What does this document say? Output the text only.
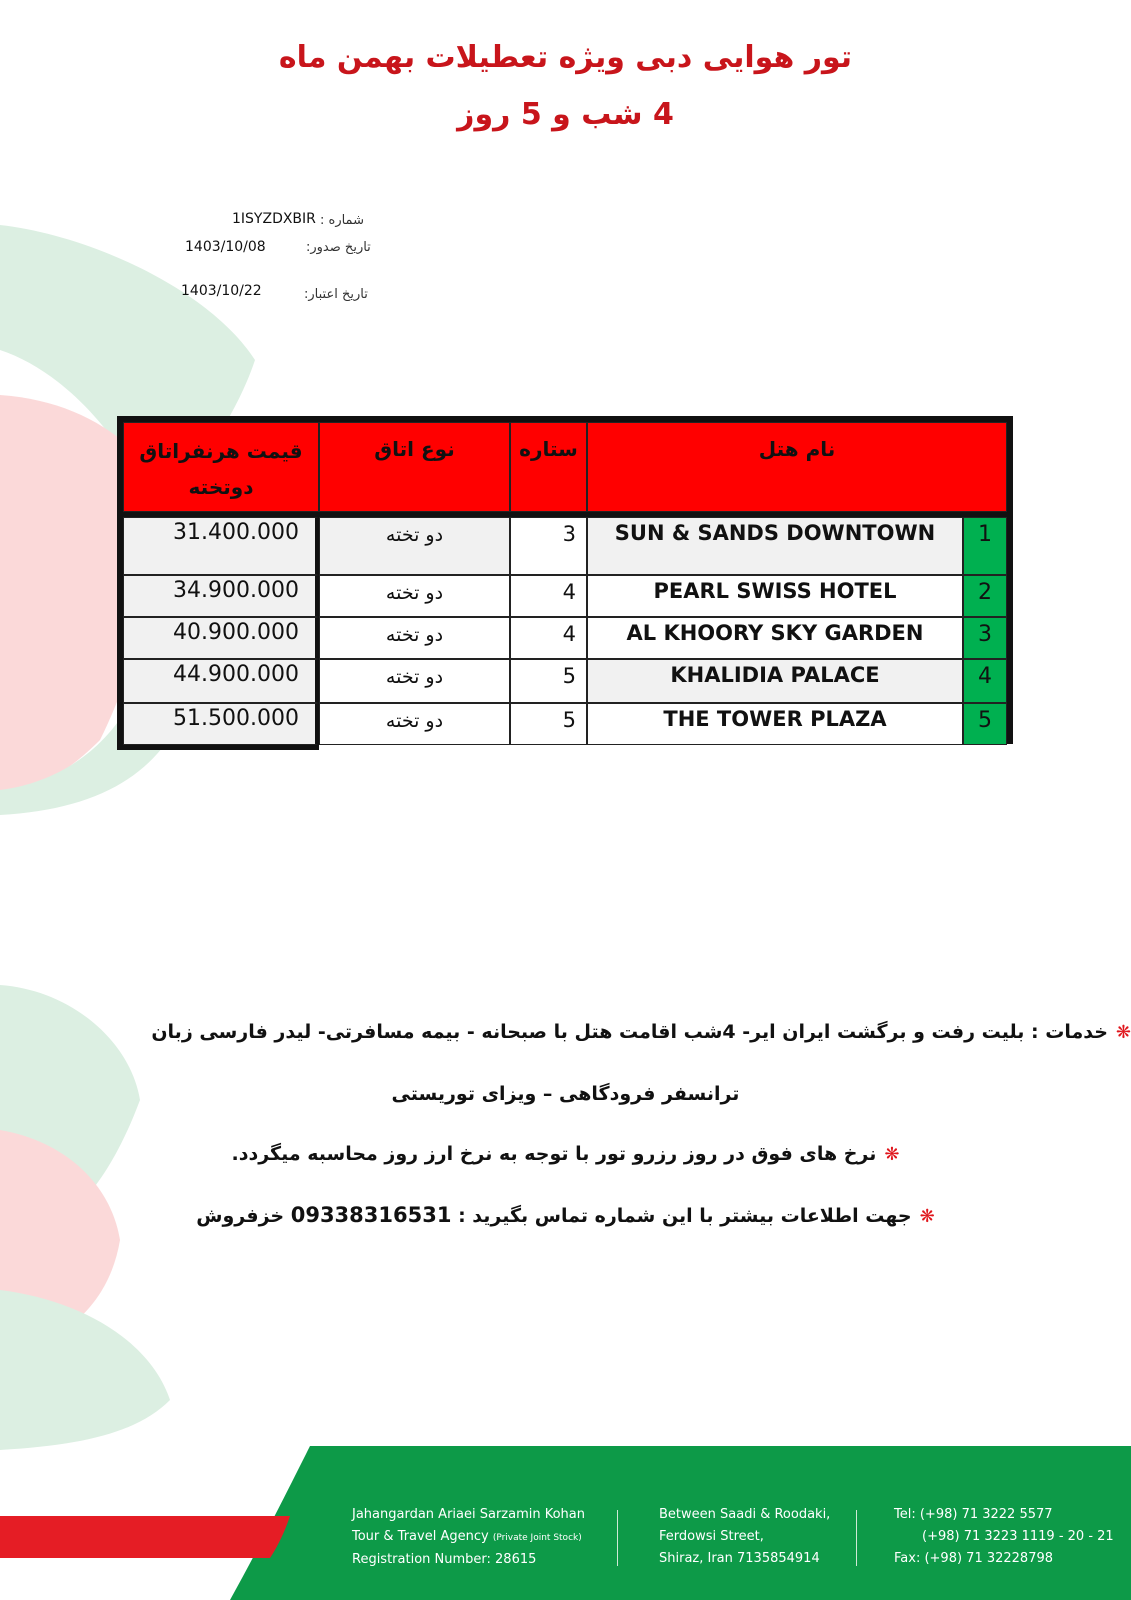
تور هوایی دبی ویژه تعطیلات بهمن ماه
4 شب و 5 روز
شماره :
1ISYZDXBIR
تاریخ صدور:
1403/10/08
تاریخ اعتبار:
1403/10/22
نام هتل
ستاره
نوع اتاق
قیمت هرنفراتاق
دوتخته
1
SUN & SANDS DOWNTOWN
3
دو تخته
31.400.000
2
PEARL SWISS HOTEL
4
دو تخته
34.900.000
3
AL KHOORY SKY GARDEN
4
دو تخته
40.900.000
4
KHALIDIA PALACE
5
دو تخته
44.900.000
5
THE TOWER PLAZA
5
دو تخته
51.500.000
❋خدمات : بلیت رفت و برگشت ایران ایر- 4شب اقامت هتل با صبحانه - بیمه مسافرتی- لیدر فارسی زبان
ترانسفر فرودگاهی – ویزای توریستی
❋نرخ های فوق در روز رزرو تور با توجه به نرخ ارز روز محاسبه میگردد.
❋جهت اطلاعات بیشتر با این شماره تماس بگیرید : 09338316531 خزفروش
Jahangardan Ariaei Sarzamin Kohan
Tour & Travel Agency (Private Joint Stock)
Registration Number: 28615
Between Saadi & Roodaki,
Ferdowsi Street,
Shiraz, Iran 7135854914
Tel: (+98) 71 3222 5577
(+98) 71 3223 1119 - 20 - 21
Fax: (+98) 71 32228798
